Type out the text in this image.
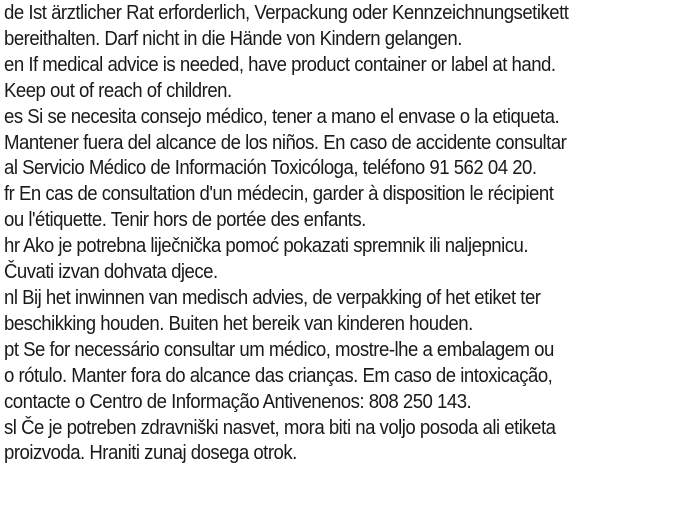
de Ist ärztlicher Rat erforderlich, Verpackung oder Kennzeichnungsetikett
bereithalten. Darf nicht in die Hände von Kindern gelangen.
en If medical advice is needed, have product container or label at hand.
Keep out of reach of children.
es Si se necesita consejo médico, tener a mano el envase o la etiqueta.
Mantener fuera del alcance de los niños. En caso de accidente consultar
al Servicio Médico de Información Toxicóloga, teléfono 91 562 04 20.
fr En cas de consultation d'un médecin, garder à disposition le récipient
ou l'étiquette. Tenir hors de portée des enfants.
hr Ako je potrebna liječnička pomoć pokazati spremnik ili naljepnicu.
Čuvati izvan dohvata djece.
nl Bij het inwinnen van medisch advies, de verpakking of het etiket ter
beschikking houden. Buiten het bereik van kinderen houden.
pt Se for necessário consultar um médico, mostre-lhe a embalagem ou
o rótulo. Manter fora do alcance das crianças. Em caso de intoxicação,
contacte o Centro de Informação Antivenenos: 808 250 143.
sl Če je potreben zdravniški nasvet, mora biti na voljo posoda ali etiketa
proizvoda. Hraniti zunaj dosega otrok.
